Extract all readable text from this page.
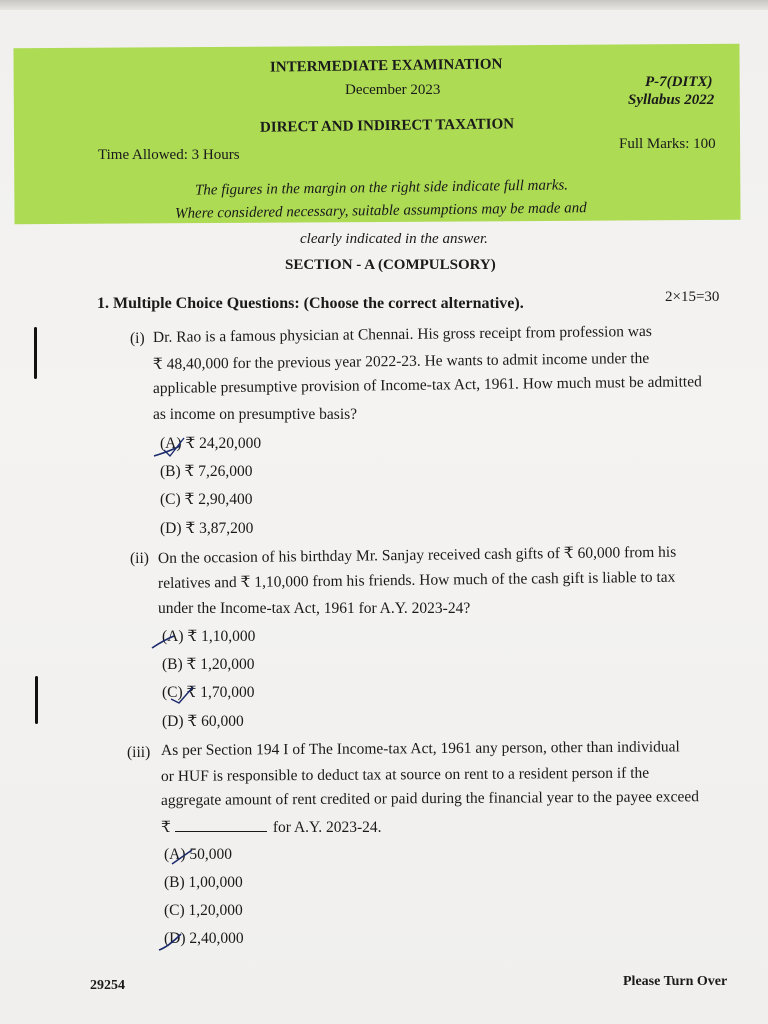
INTERMEDIATE EXAMINATION
December 2023	P-7(DITX)
Syllabus 2022
DIRECT AND INDIRECT TAXATION
Time Allowed: 3 Hours
Full Marks: 100
The figures in the margin on the right side indicate full marks.
Where considered necessary, suitable assumptions may be made and
clearly indicated in the answer.
SECTION - A (COMPULSORY)
1. Multiple Choice Questions: (Choose the correct alternative).	2×15=30
(i) Dr. Rao is a famous physician at Chennai. His gross receipt from profession was
₹ 48,40,000 for the previous year 2022-23. He wants to admit income under the
applicable presumptive provision of Income-tax Act, 1961. How much must be admitted
as income on presumptive basis?
(A) ₹ 24,20,000
(B) ₹ 7,26,000
(C) ₹ 2,90,400
(D) ₹ 3,87,200
(ii) On the occasion of his birthday Mr. Sanjay received cash gifts of ₹ 60,000 from his
relatives and ₹ 1,10,000 from his friends. How much of the cash gift is liable to tax
under the Income-tax Act, 1961 for A.Y. 2023-24?
(A) ₹ 1,10,000
(B) ₹ 1,20,000
(C) ₹ 1,70,000
(D) ₹ 60,000
(iii) As per Section 194 I of The Income-tax Act, 1961 any person, other than individual
or HUF is responsible to deduct tax at source on rent to a resident person if the
aggregate amount of rent credited or paid during the financial year to the payee exceed
₹	for A.Y. 2023-24.
(A) 50,000
(B) 1,00,000
(C) 1,20,000
(D) 2,40,000
29254	Please Turn Over
